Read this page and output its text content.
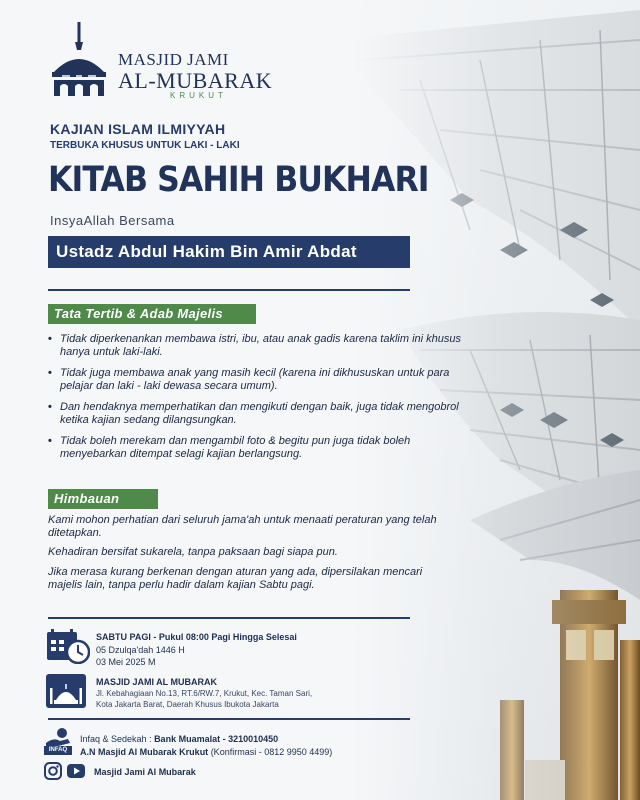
MASJID JAMI
AL-MUBARAK
KRUKUT
KAJIAN ISLAM ILMIYYAH
TERBUKA KHUSUS UNTUK LAKI - LAKI
KITAB SAHIH BUKHARI
InsyaAllah Bersama
Ustadz Abdul Hakim Bin Amir Abdat
Tata Tertib & Adab Majelis
• Tidak diperkenankan membawa istri, ibu, atau anak gadis karena taklim ini khusus hanya untuk laki-laki.
• Tidak juga membawa anak yang masih kecil (karena ini dikhususkan untuk para pelajar dan laki - laki dewasa secara umum).
• Dan hendaknya memperhatikan dan mengikuti dengan baik, juga tidak mengobrol ketika kajian sedang dilangsungkan.
• Tidak boleh merekam dan mengambil foto & begitu pun juga tidak boleh menyebarkan ditempat selagi kajian berlangsung.
Himbauan

Kami mohon perhatian dari seluruh jama'ah untuk menaati peraturan yang telah ditetapkan.

Kehadiran bersifat sukarela, tanpa paksaan bagi siapa pun.

Jika merasa kurang berkenan dengan aturan yang ada, dipersilakan mencari majelis lain, tanpa perlu hadir dalam kajian Sabtu pagi.

SABTU PAGI - Pukul 08:00 Pagi Hingga Selesai
05 Dzulqa'dah 1446 H
03 Mei 2025 M
MASJID JAMI AL MUBARAK
Jl. Kebahagiaan No.13, RT.6/RW.7, Krukut, Kec. Taman Sari,
Kota Jakarta Barat, Daerah Khusus Ibukota Jakarta
INFAQ
Infaq & Sedekah : Bank Muamalat - 3210010450
A.N Masjid Al Mubarak Krukut (Konfirmasi - 0812 9950 4499)
Masjid Jami Al Mubarak
